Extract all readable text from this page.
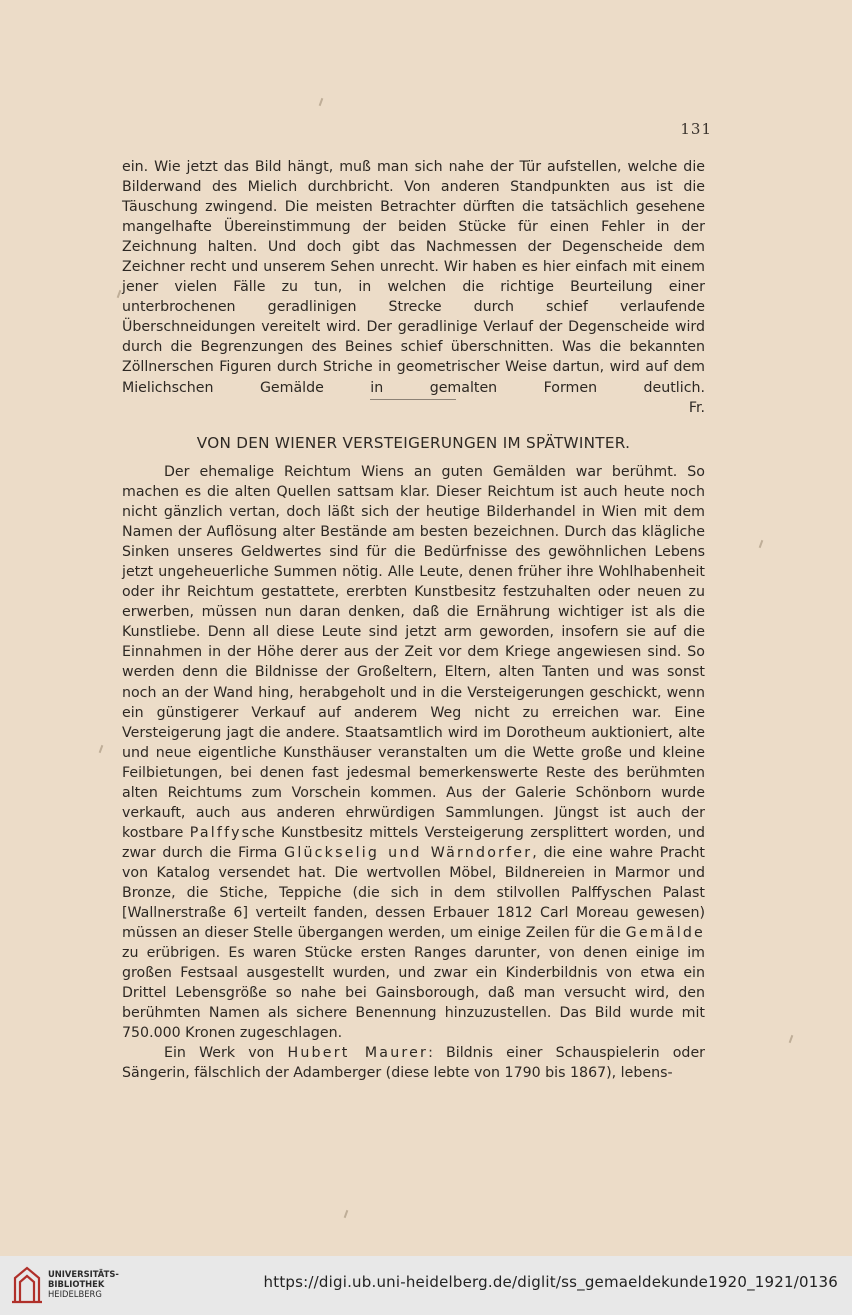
131

ein. Wie jetzt das Bild hängt, muß man sich nahe der Tür aufstellen, welche die Bilderwand des Mielich durchbricht. Von anderen Standpunkten aus ist die Täuschung zwingend. Die meisten Betrachter dürften die tatsächlich gesehene mangelhafte Übereinstimmung der beiden Stücke für einen Fehler in der Zeichnung halten. Und doch gibt das Nachmessen der Degenscheide dem Zeichner recht und unserem Sehen unrecht. Wir haben es hier einfach mit einem jener vielen Fälle zu tun, in welchen die richtige Beurteilung einer unterbrochenen geradlinigen Strecke durch schief verlaufende Überschneidungen vereitelt wird. Der geradlinige Verlauf der Degenscheide wird durch die Begrenzungen des Beines schief überschnitten. Was die bekannten Zöllnerschen Figuren durch Striche in geometrischer Weise dartun, wird auf dem Mielichschen Gemälde in gemalten Formen deutlich.

Fr.
VON DEN WIENER VERSTEIGERUNGEN IM SPÄTWINTER.

Der ehemalige Reichtum Wiens an guten Gemälden war berühmt. So machen es die alten Quellen sattsam klar. Dieser Reichtum ist auch heute noch nicht gänzlich vertan, doch läßt sich der heutige Bilderhandel in Wien mit dem Namen der Auflösung alter Bestände am besten bezeichnen. Durch das klägliche Sinken unseres Geldwertes sind für die Bedürfnisse des gewöhnlichen Lebens jetzt ungeheuerliche Summen nötig. Alle Leute, denen früher ihre Wohlhabenheit oder ihr Reichtum gestattete, ererbten Kunstbesitz festzuhalten oder neuen zu erwerben, müssen nun daran denken, daß die Ernährung wichtiger ist als die Kunstliebe. Denn all diese Leute sind jetzt arm geworden, insofern sie auf die Einnahmen in der Höhe derer aus der Zeit vor dem Kriege angewiesen sind. So werden denn die Bildnisse der Großeltern, Eltern, alten Tanten und was sonst noch an der Wand hing, herabgeholt und in die Versteigerungen geschickt, wenn ein günstigerer Verkauf auf anderem Weg nicht zu erreichen war. Eine Versteigerung jagt die andere. Staatsamtlich wird im Dorotheum auktioniert, alte und neue eigentliche Kunsthäuser veranstalten um die Wette große und kleine Feilbietungen, bei denen fast jedesmal bemerkenswerte Reste des berühmten alten Reichtums zum Vorschein kommen. Aus der Galerie Schönborn wurde verkauft, auch aus anderen ehrwürdigen Sammlungen. Jüngst ist auch der kostbare Palffysche Kunstbesitz mittels Versteigerung zersplittert worden, und zwar durch die Firma Glückselig und Wärndorfer, die eine wahre Pracht von Katalog versendet hat. Die wertvollen Möbel, Bildnereien in Marmor und Bronze, die Stiche, Teppiche (die sich in dem stilvollen Palffyschen Palast [Wallnerstraße 6] verteilt fanden, dessen Erbauer 1812 Carl Moreau gewesen) müssen an dieser Stelle übergangen werden, um einige Zeilen für die Gemälde zu erübrigen. Es waren Stücke ersten Ranges darunter, von denen einige im großen Festsaal ausgestellt wurden, und zwar ein Kinderbildnis von etwa ein Drittel Lebensgröße so nahe bei Gainsborough, daß man versucht wird, den berühmten Namen als sichere Benennung hinzuzustellen. Das Bild wurde mit 750.000 Kronen zugeschlagen.

Ein Werk von Hubert Maurer: Bildnis einer Schauspielerin oder Sängerin, fälschlich der Adamberger (diese lebte von 1790 bis 1867), lebens-

UNIVERSITÄTS-
BIBLIOTHEK
HEIDELBERG
https://digi.ub.uni-heidelberg.de/diglit/ss_gemaeldekunde1920_1921/0136
